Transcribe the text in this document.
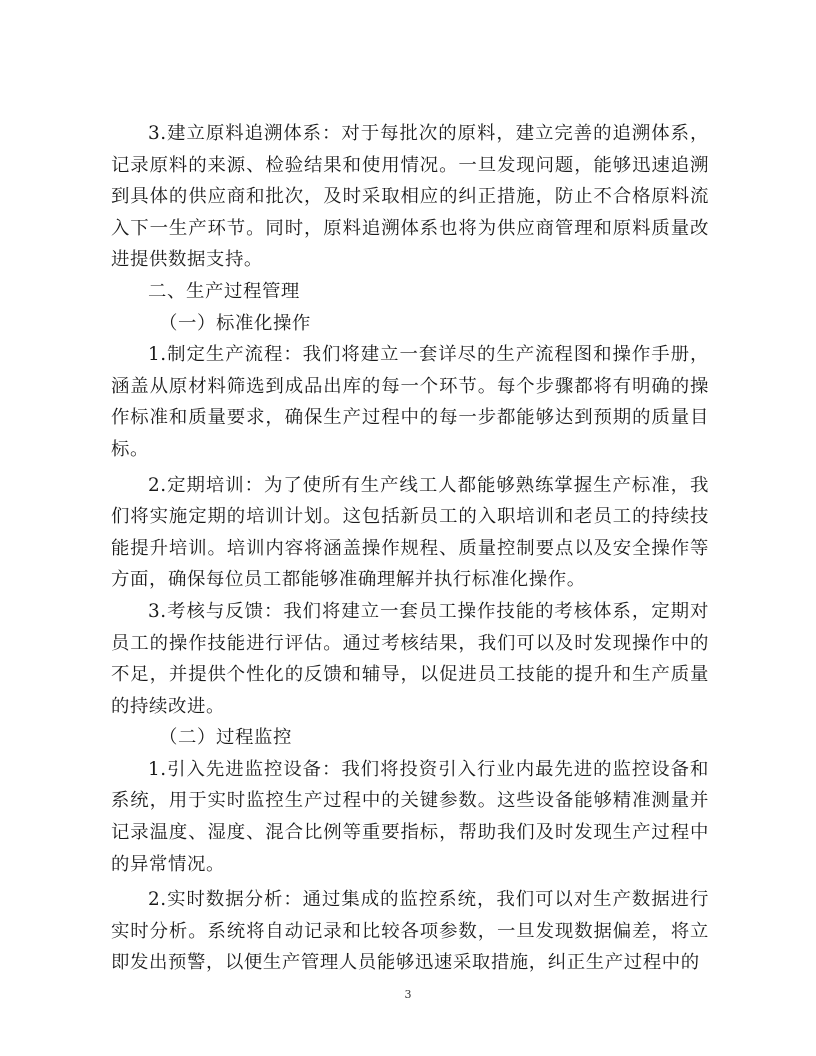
3.建立原料追溯体系：对于每批次的原料，建立完善的追溯体系，记录原料的来源、检验结果和使用情况。一旦发现问题，能够迅速追溯到具体的供应商和批次，及时采取相应的纠正措施，防止不合格原料流入下一生产环节。同时，原料追溯体系也将为供应商管理和原料质量改进提供数据支持。

二、生产过程管理

（一）标准化操作

1.制定生产流程：我们将建立一套详尽的生产流程图和操作手册，涵盖从原材料筛选到成品出库的每一个环节。每个步骤都将有明确的操作标准和质量要求，确保生产过程中的每一步都能够达到预期的质量目标。

2.定期培训：为了使所有生产线工人都能够熟练掌握生产标准，我们将实施定期的培训计划。这包括新员工的入职培训和老员工的持续技能提升培训。培训内容将涵盖操作规程、质量控制要点以及安全操作等方面，确保每位员工都能够准确理解并执行标准化操作。

3.考核与反馈：我们将建立一套员工操作技能的考核体系，定期对员工的操作技能进行评估。通过考核结果，我们可以及时发现操作中的不足，并提供个性化的反馈和辅导，以促进员工技能的提升和生产质量的持续改进。

（二）过程监控

1.引入先进监控设备：我们将投资引入行业内最先进的监控设备和系统，用于实时监控生产过程中的关键参数。这些设备能够精准测量并记录温度、湿度、混合比例等重要指标，帮助我们及时发现生产过程中的异常情况。

2.实时数据分析：通过集成的监控系统，我们可以对生产数据进行实时分析。系统将自动记录和比较各项参数，一旦发现数据偏差，将立即发出预警，以便生产管理人员能够迅速采取措施，纠正生产过程中的

3
